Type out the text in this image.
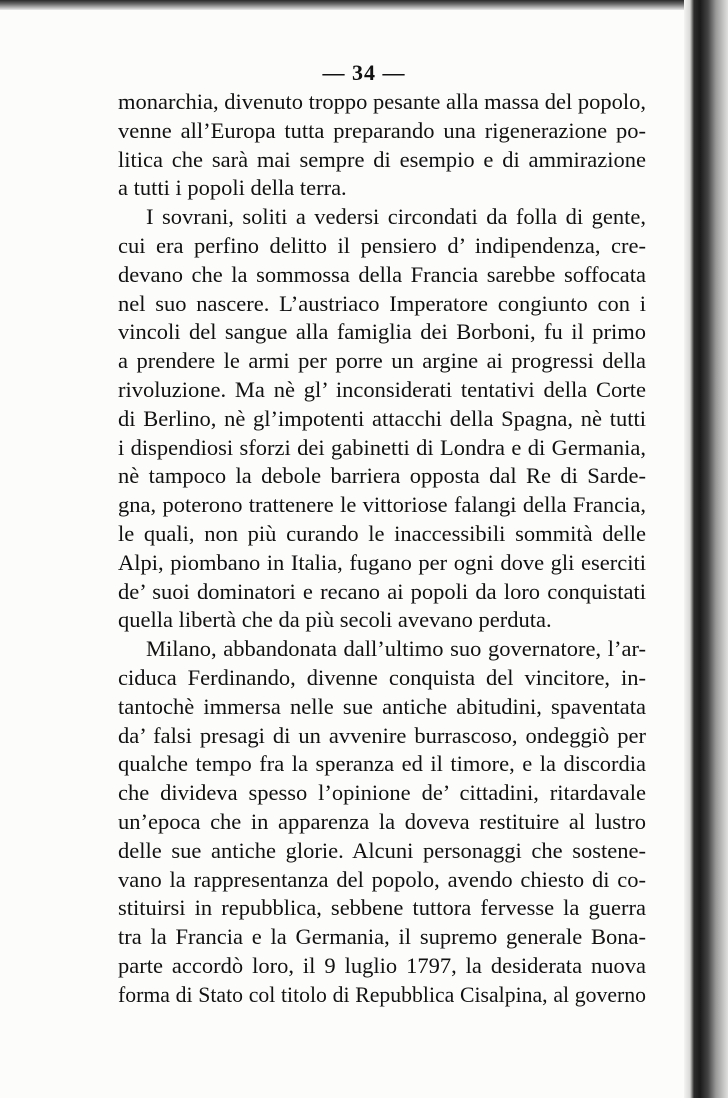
— 34 —
monarchia, divenuto troppo pesante alla massa del popolo,
venne all’Europa tutta preparando una rigenerazione po-
litica che sarà mai sempre di esempio e di ammirazione
a tutti i popoli della terra.
I sovrani, soliti a vedersi circondati da folla di gente,
cui era perfino delitto il pensiero d’ indipendenza, cre-
devano che la sommossa della Francia sarebbe soffocata
nel suo nascere. L’austriaco Imperatore congiunto con i
vincoli del sangue alla famiglia dei Borboni, fu il primo
a prendere le armi per porre un argine ai progressi della
rivoluzione. Ma nè gl’ inconsiderati tentativi della Corte
di Berlino, nè gl’impotenti attacchi della Spagna, nè tutti
i dispendiosi sforzi dei gabinetti di Londra e di Germania,
nè tampoco la debole barriera opposta dal Re di Sarde-
gna, poterono trattenere le vittoriose falangi della Francia,
le quali, non più curando le inaccessibili sommità delle
Alpi, piombano in Italia, fugano per ogni dove gli eserciti
de’ suoi dominatori e recano ai popoli da loro conquistati
quella libertà che da più secoli avevano perduta.
Milano, abbandonata dall’ultimo suo governatore, l’ar-
ciduca Ferdinando, divenne conquista del vincitore, in-
tantochè immersa nelle sue antiche abitudini, spaventata
da’ falsi presagi di un avvenire burrascoso, ondeggiò per
qualche tempo fra la speranza ed il timore, e la discordia
che divideva spesso l’opinione de’ cittadini, ritardavale
un’epoca che in apparenza la doveva restituire al lustro
delle sue antiche glorie. Alcuni personaggi che sostene-
vano la rappresentanza del popolo, avendo chiesto di co-
stituirsi in repubblica, sebbene tuttora fervesse la guerra
tra la Francia e la Germania, il supremo generale Bona-
parte accordò loro, il 9 luglio 1797, la desiderata nuova
forma di Stato col titolo di Repubblica Cisalpina, al governo
